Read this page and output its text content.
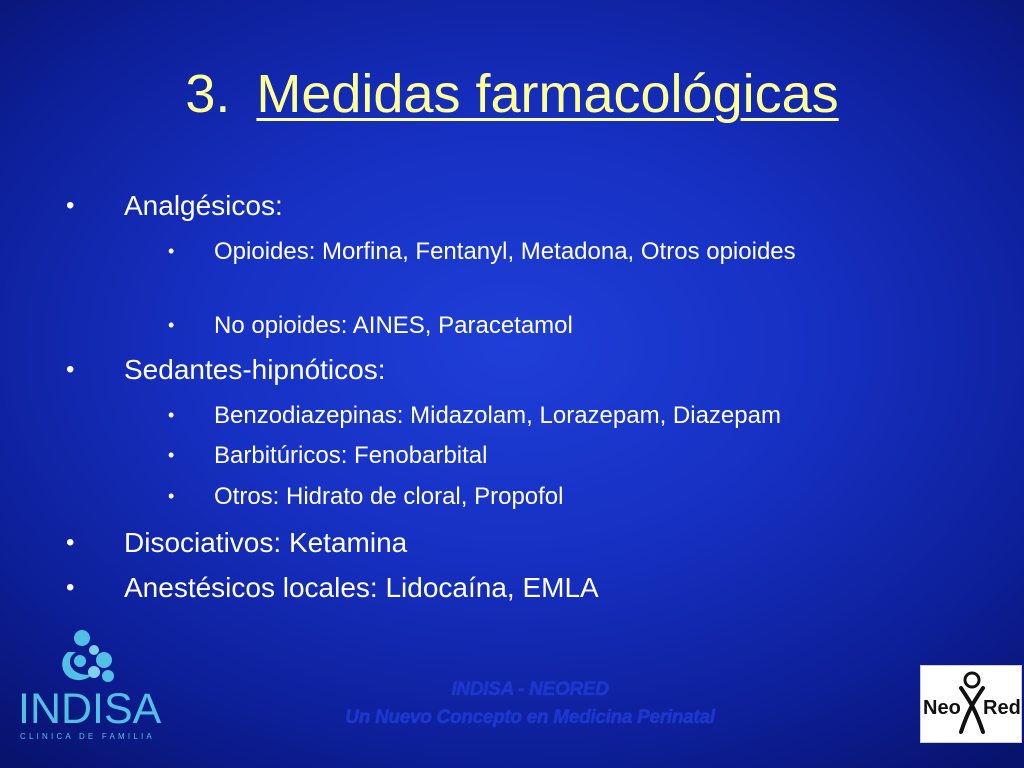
3. Medidas farmacológicas
• Analgésicos:
• Opioides: Morfina, Fentanyl, Metadona, Otros opioides
• No opioides: AINES, Paracetamol
• Sedantes-hipnóticos:
• Benzodiazepinas: Midazolam, Lorazepam, Diazepam
• Barbitúricos: Fenobarbital
• Otros: Hidrato de cloral, Propofol
• Disociativos: Ketamina
• Anestésicos locales: Lidocaína, EMLA
INDISA
CLINICA DE FAMILIA
INDISA - NEORED
Un Nuevo Concepto en Medicina Perinatal	Neo Red
